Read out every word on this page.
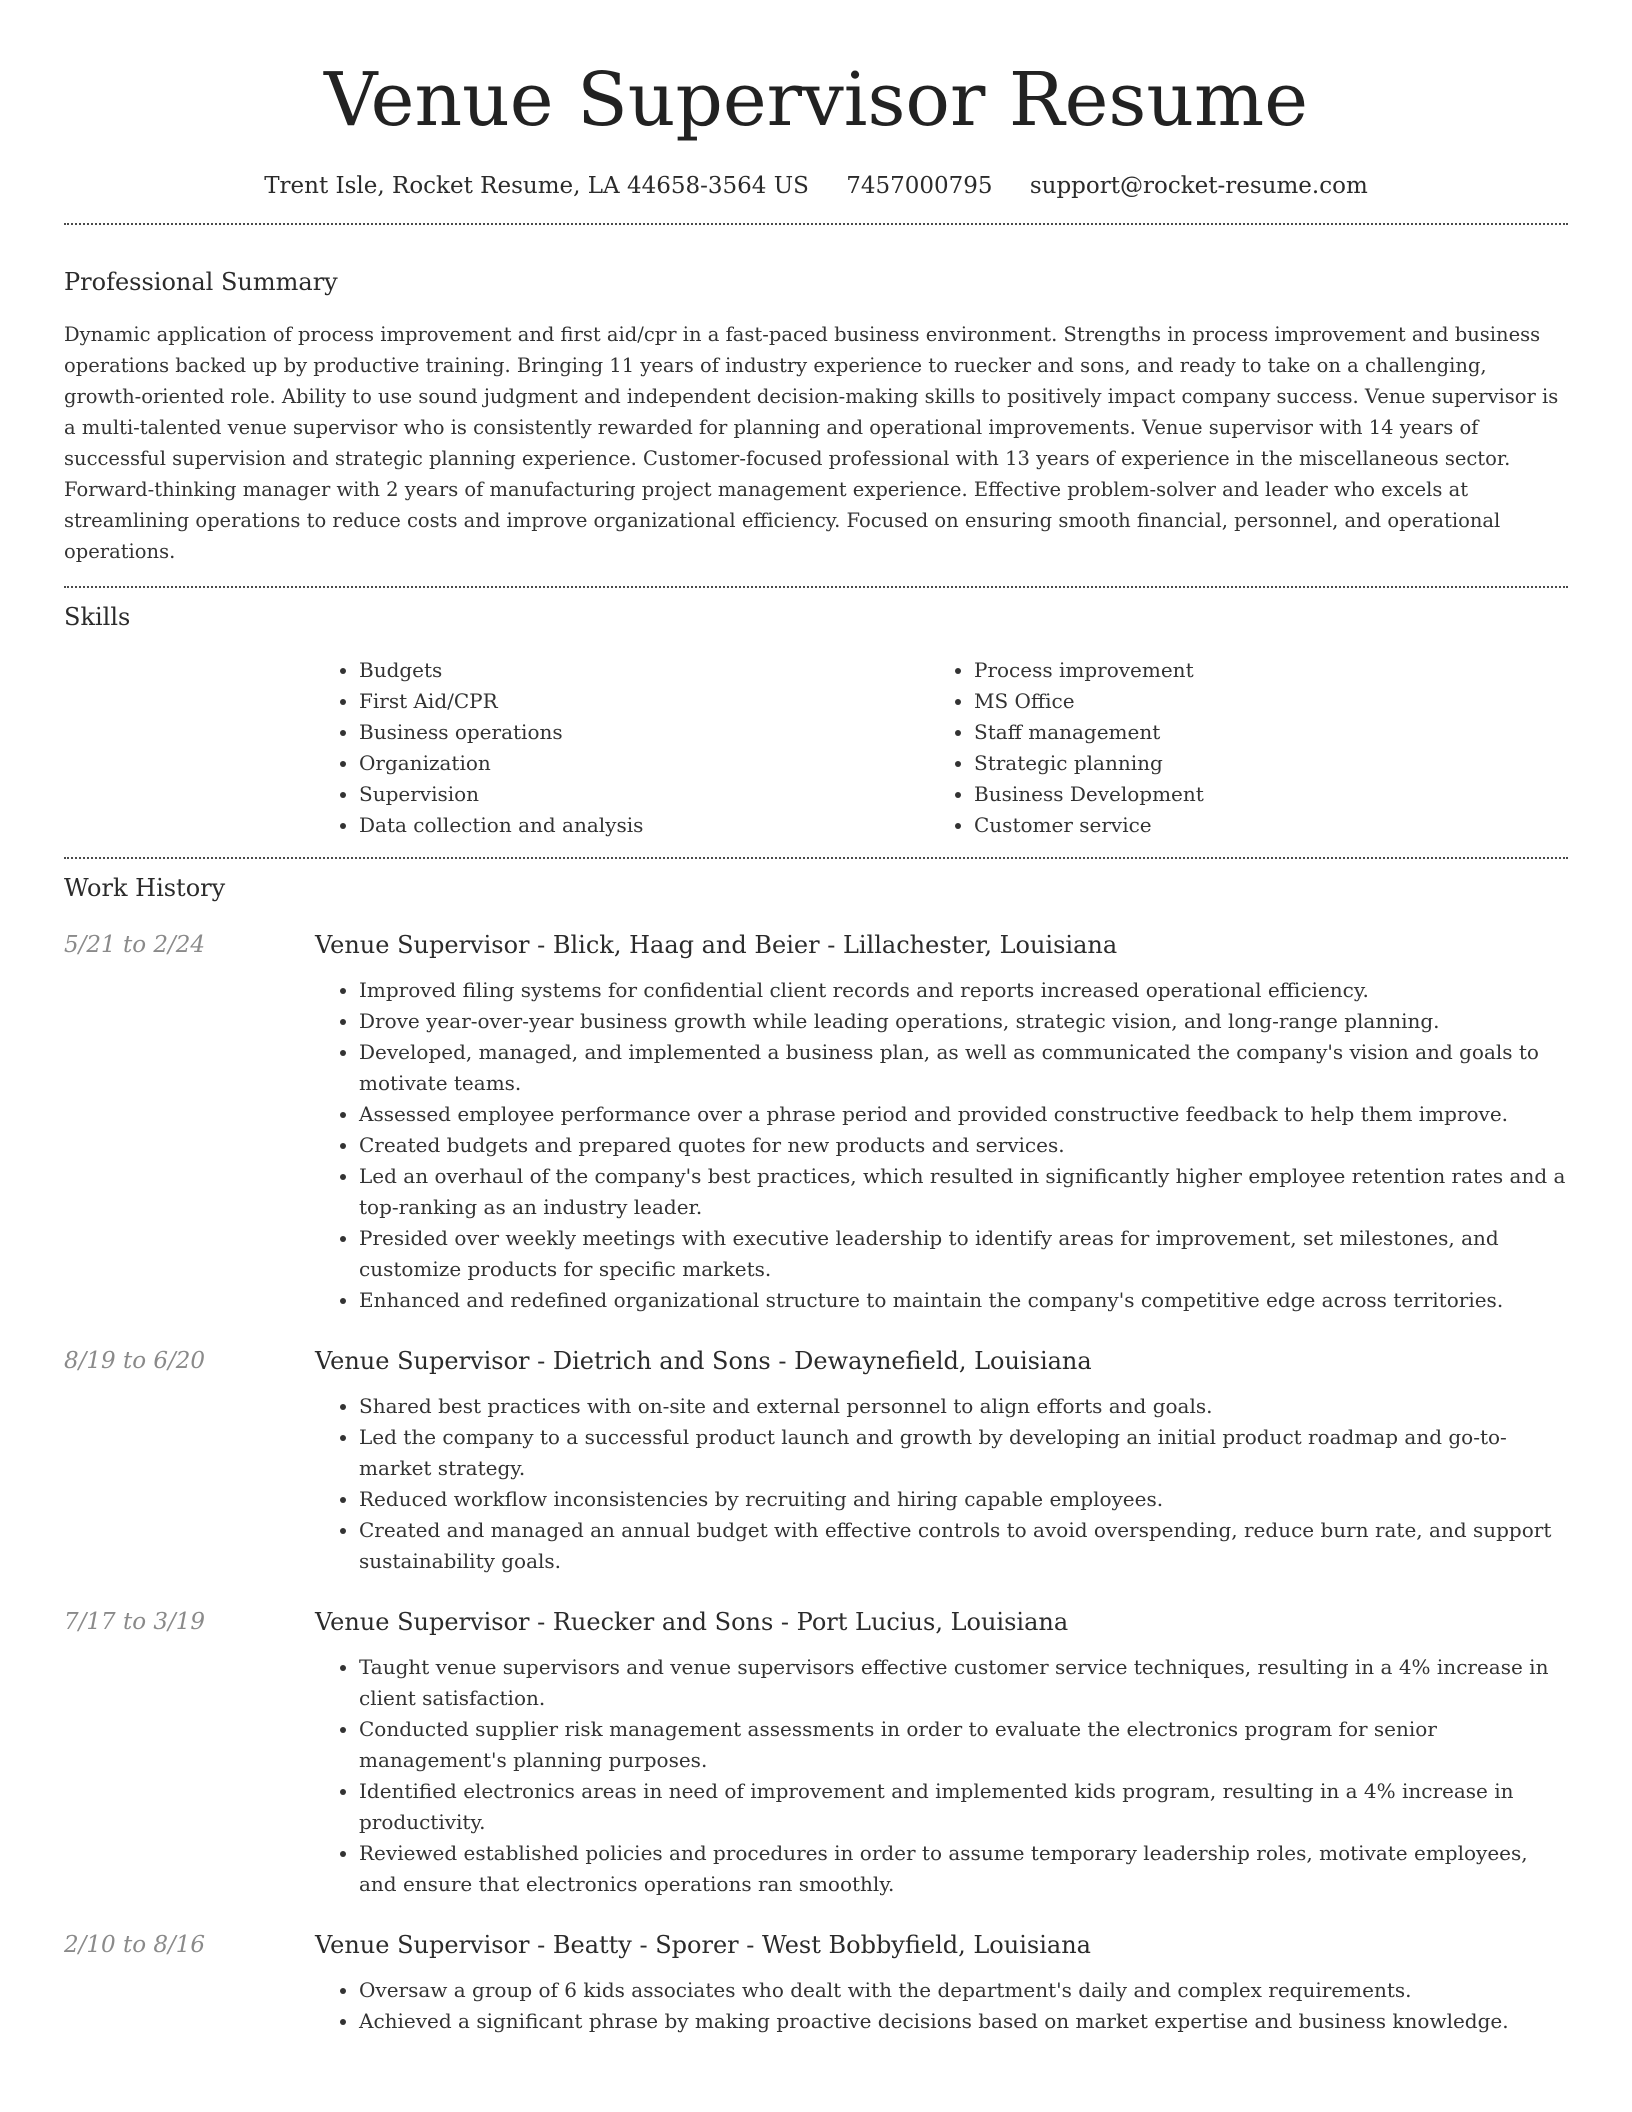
Venue Supervisor Resume
Trent Isle, Rocket Resume, LA 44658-3564 US 7457000795 support@rocket-resume.com
Professional Summary

Dynamic application of process improvement and first aid/cpr in a fast-paced business environment. Strengths in process improvement and business operations backed up by productive training. Bringing 11 years of industry experience to ruecker and sons, and ready to take on a challenging, growth-oriented role. Ability to use sound judgment and independent decision-making skills to positively impact company success. Venue supervisor is a multi-talented venue supervisor who is consistently rewarded for planning and operational improvements. Venue supervisor with 14 years of successful supervision and strategic planning experience. Customer-focused professional with 13 years of experience in the miscellaneous sector. Forward-thinking manager with 2 years of manufacturing project management experience. Effective problem-solver and leader who excels at streamlining operations to reduce costs and improve organizational efficiency. Focused on ensuring smooth financial, personnel, and operational operations.

Skills
• Budgets
• First Aid/CPR
• Business operations
• Organization
• Supervision
• Data collection and analysis
• Process improvement
• MS Office
• Staff management
• Strategic planning
• Business Development
• Customer service
Work History
5/21 to 2/24	Venue Supervisor - Blick, Haag and Beier - Lillachester, Louisiana
• Improved filing systems for confidential client records and reports increased operational efficiency.
• Drove year-over-year business growth while leading operations, strategic vision, and long-range planning.
• Developed, managed, and implemented a business plan, as well as communicated the company's vision and goals to motivate teams.
• Assessed employee performance over a phrase period and provided constructive feedback to help them improve.
• Created budgets and prepared quotes for new products and services.
• Led an overhaul of the company's best practices, which resulted in significantly higher employee retention rates and a top-ranking as an industry leader.
• Presided over weekly meetings with executive leadership to identify areas for improvement, set milestones, and customize products for specific markets.
• Enhanced and redefined organizational structure to maintain the company's competitive edge across territories.
8/19 to 6/20	Venue Supervisor - Dietrich and Sons - Dewaynefield, Louisiana
• Shared best practices with on-site and external personnel to align efforts and goals.
• Led the company to a successful product launch and growth by developing an initial product roadmap and go-to-market strategy.
• Reduced workflow inconsistencies by recruiting and hiring capable employees.
• Created and managed an annual budget with effective controls to avoid overspending, reduce burn rate, and support sustainability goals.
7/17 to 3/19	Venue Supervisor - Ruecker and Sons - Port Lucius, Louisiana
• Taught venue supervisors and venue supervisors effective customer service techniques, resulting in a 4% increase in client satisfaction.
• Conducted supplier risk management assessments in order to evaluate the electronics program for senior management's planning purposes.
• Identified electronics areas in need of improvement and implemented kids program, resulting in a 4% increase in productivity.
• Reviewed established policies and procedures in order to assume temporary leadership roles, motivate employees, and ensure that electronics operations ran smoothly.
2/10 to 8/16	Venue Supervisor - Beatty - Sporer - West Bobbyfield, Louisiana
• Oversaw a group of 6 kids associates who dealt with the department's daily and complex requirements.
• Achieved a significant phrase by making proactive decisions based on market expertise and business knowledge.
